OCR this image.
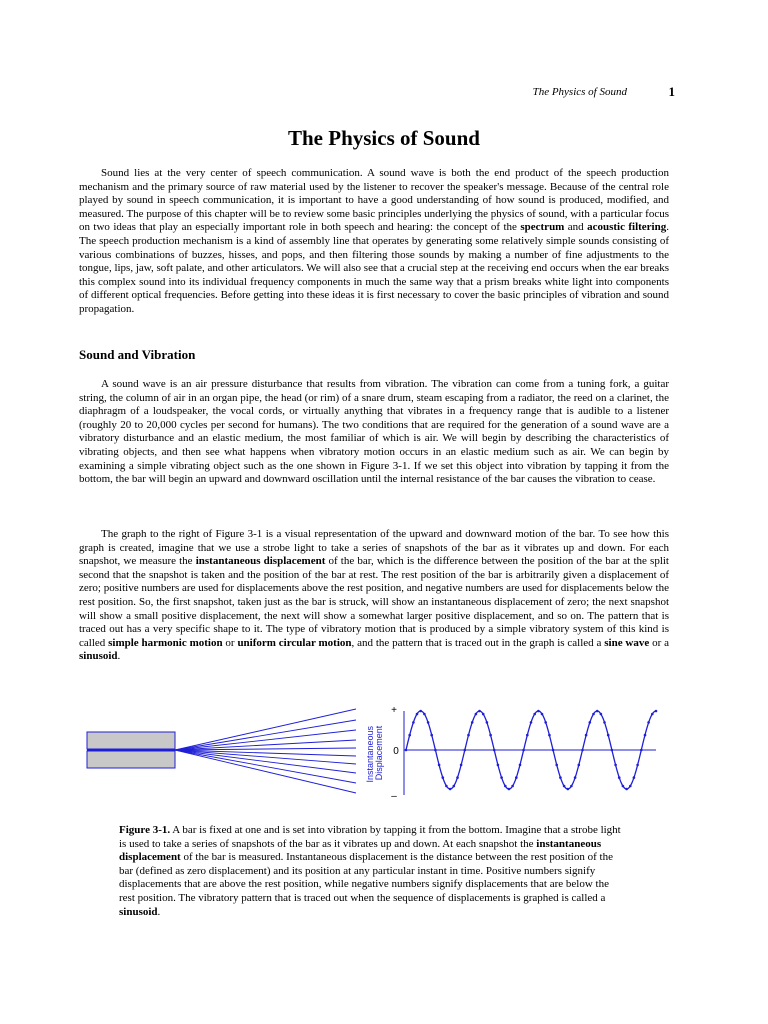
The Physics of Sound	1
The Physics of Sound

Sound lies at the very center of speech communication. A sound wave is both the end product of the speech production mechanism and the primary source of raw material used by the listener to recover the speaker's message. Because of the central role played by sound in speech communication, it is important to have a good understanding of how sound is produced, modified, and measured. The purpose of this chapter will be to review some basic principles underlying the physics of sound, with a particular focus on two ideas that play an especially important role in both speech and hearing: the concept of the spectrum and acoustic filtering. The speech production mechanism is a kind of assembly line that operates by generating some relatively simple sounds consisting of various combinations of buzzes, hisses, and pops, and then filtering those sounds by making a number of fine adjustments to the tongue, lips, jaw, soft palate, and other articulators. We will also see that a crucial step at the receiving end occurs when the ear breaks this complex sound into its individual frequency components in much the same way that a prism breaks white light into components of different optical frequencies. Before getting into these ideas it is first necessary to cover the basic principles of vibration and sound propagation.

Sound and Vibration

A sound wave is an air pressure disturbance that results from vibration. The vibration can come from a tuning fork, a guitar string, the column of air in an organ pipe, the head (or rim) of a snare drum, steam escaping from a radiator, the reed on a clarinet, the diaphragm of a loudspeaker, the vocal cords, or virtually anything that vibrates in a frequency range that is audible to a listener (roughly 20 to 20,000 cycles per second for humans). The two conditions that are required for the generation of a sound wave are a vibratory disturbance and an elastic medium, the most familiar of which is air. We will begin by describing the characteristics of vibrating objects, and then see what happens when vibratory motion occurs in an elastic medium such as air. We can begin by examining a simple vibrating object such as the one shown in Figure 3-1. If we set this object into vibration by tapping it from the bottom, the bar will begin an upward and downward oscillation until the internal resistance of the bar causes the vibration to cease.

The graph to the right of Figure 3-1 is a visual representation of the upward and downward motion of the bar. To see how this graph is created, imagine that we use a strobe light to take a series of snapshots of the bar as it vibrates up and down. For each snapshot, we measure the instantaneous displacement of the bar, which is the difference between the position of the bar at the split second that the snapshot is taken and the position of the bar at rest. The rest position of the bar is arbitrarily given a displacement of zero; positive numbers are used for displacements above the rest position, and negative numbers are used for displacements below the rest position. So, the first snapshot, taken just as the bar is struck, will show an instantaneous displacement of zero; the next snapshot will show a small positive displacement, the next will show a somewhat larger positive displacement, and so on. The pattern that is traced out has a very specific shape to it. The type of vibratory motion that is produced by a simple vibratory system of this kind is called simple harmonic motion or uniform circular motion, and the pattern that is traced out in the graph is called a sine wave or a sinusoid.

Instantaneous Displacement
+
0
–

Figure 3-1. A bar is fixed at one and is set into vibration by tapping it from the bottom. Imagine that a strobe light is used to take a series of snapshots of the bar as it vibrates up and down. At each snapshot the instantaneous displacement of the bar is measured. Instantaneous displacement is the distance between the rest position of the bar (defined as zero displacement) and its position at any particular instant in time. Positive numbers signify displacements that are above the rest position, while negative numbers signify displacements that are below the rest position. The vibratory pattern that is traced out when the sequence of displacements is graphed is called a sinusoid.
